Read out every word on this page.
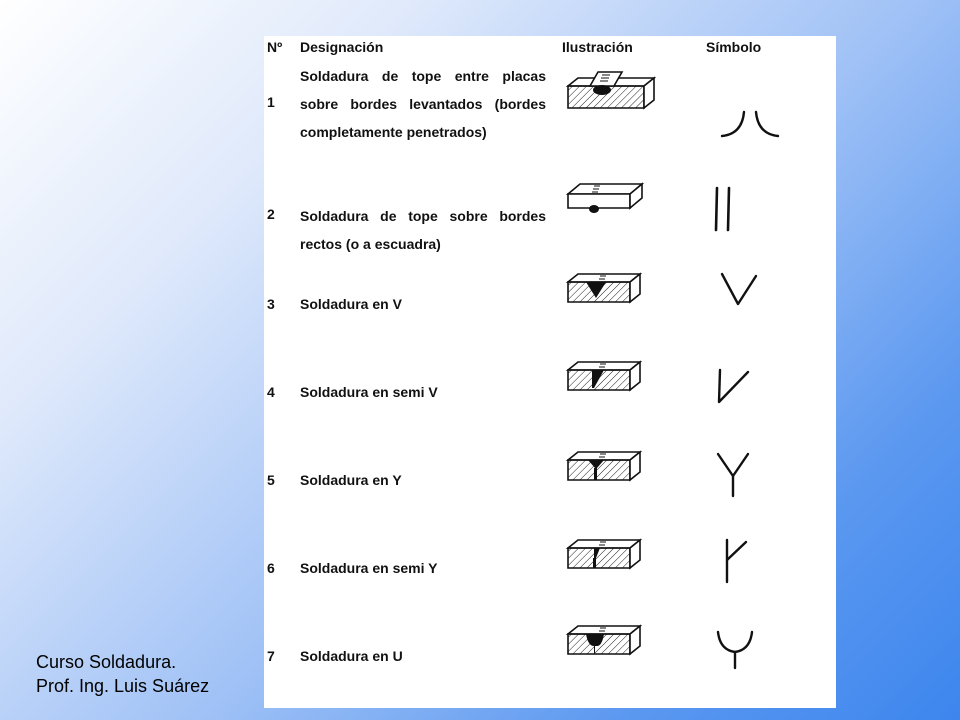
Nº Designación	Ilustración	Símbolo
1

Soldadura de tope entre placas sobre bordes levantados (bordes completamente penetrados)

2 Soldadura de tope sobre bordes rectos (o a escuadra)

3 Soldadura en V

4 Soldadura en semi V

5 Soldadura en Y

6 Soldadura en semi Y

7 Soldadura en U

Curso Soldadura.
Prof. Ing. Luis Suárez
